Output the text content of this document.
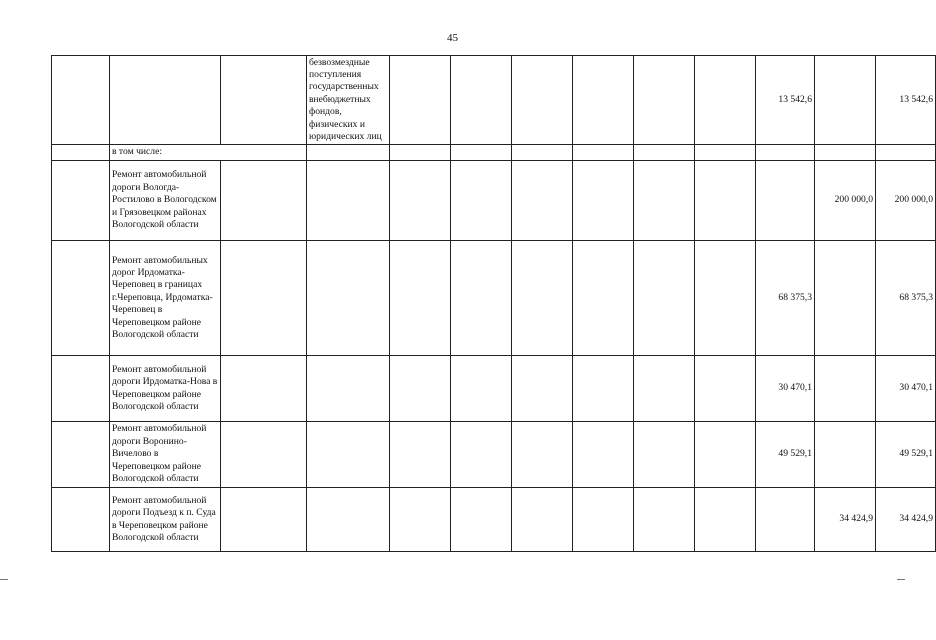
45
			безвозмездные поступления государственных внебюджетных фондов, физических и юридических лиц							13 542,6		13 542,6
	в том числе:											
	Ремонт автомобильной дороги Вологда-Ростилово в Вологодском и Грязовецком районах Вологодской области										200 000,0	200 000,0
	Ремонт автомобильных дорог Ирдоматка-Череповец в границах г.Череповца, Ирдоматка-Череповец в Череповецком районе Вологодской области									68 375,3		68 375,3
	Ремонт автомобильной дороги Ирдоматка-Нова в Череповецком районе Вологодской области									30 470,1		30 470,1
	Ремонт автомобильной дороги Воронино-Вичелово в Череповецком районе Вологодской области									49 529,1		49 529,1
	Ремонт автомобильной дороги Подъезд к п. Суда в Череповецком районе Вологодской области										34 424,9	34 424,9
